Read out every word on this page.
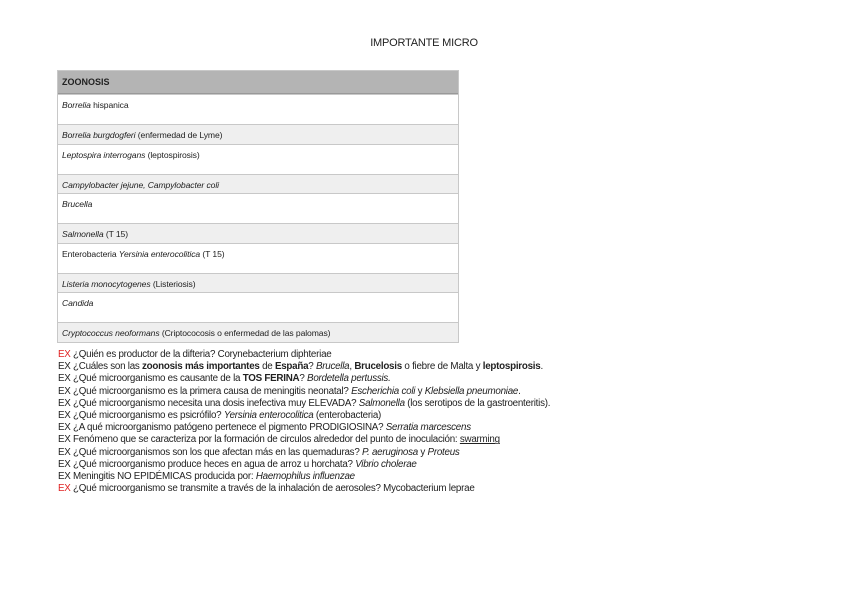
IMPORTANTE MICRO
ZOONOSIS
Borrelia hispanica
Borrelia burgdogferi (enfermedad de Lyme)
Leptospira interrogans (leptospirosis)
Campylobacter jejune, Campylobacter coli
Brucella
Salmonella (T 15)
Enterobacteria Yersinia enterocolitica (T 15)
Listeria monocytogenes (Listeriosis)
Candida
Cryptococcus neoformans (Criptococosis o enfermedad de las palomas)
EX ¿Quién es productor de la difteria? Corynebacterium diphteriae
EX ¿Cuáles son las zoonosis más importantes de España? Brucella, Brucelosis o fiebre de Malta y leptospirosis.
EX ¿Qué microorganismo es causante de la TOS FERINA? Bordetella pertussis.
EX ¿Qué microorganismo es la primera causa de meningitis neonatal? Escherichia coli y Klebsiella pneumoniae.
EX ¿Qué microorganismo necesita una dosis inefectiva muy ELEVADA? Salmonella (los serotipos de la gastroenteritis).
EX ¿Qué microorganismo es psicrófilo? Yersinia enterocolitica (enterobacteria)
EX ¿A qué microorganismo patógeno pertenece el pigmento PRODIGIOSINA? Serratia marcescens
EX Fenómeno que se caracteriza por la formación de circulos alrededor del punto de inoculación: swarming
EX ¿Qué microorganismos son los que afectan más en las quemaduras? P. aeruginosa y Proteus
EX ¿Qué microorganismo produce heces en agua de arroz u horchata? Vibrio cholerae
EX Meningitis NO EPIDÉMICAS producida por: Haemophilus influenzae
EX ¿Qué microorganismo se transmite a través de la inhalación de aerosoles? Mycobacterium leprae
